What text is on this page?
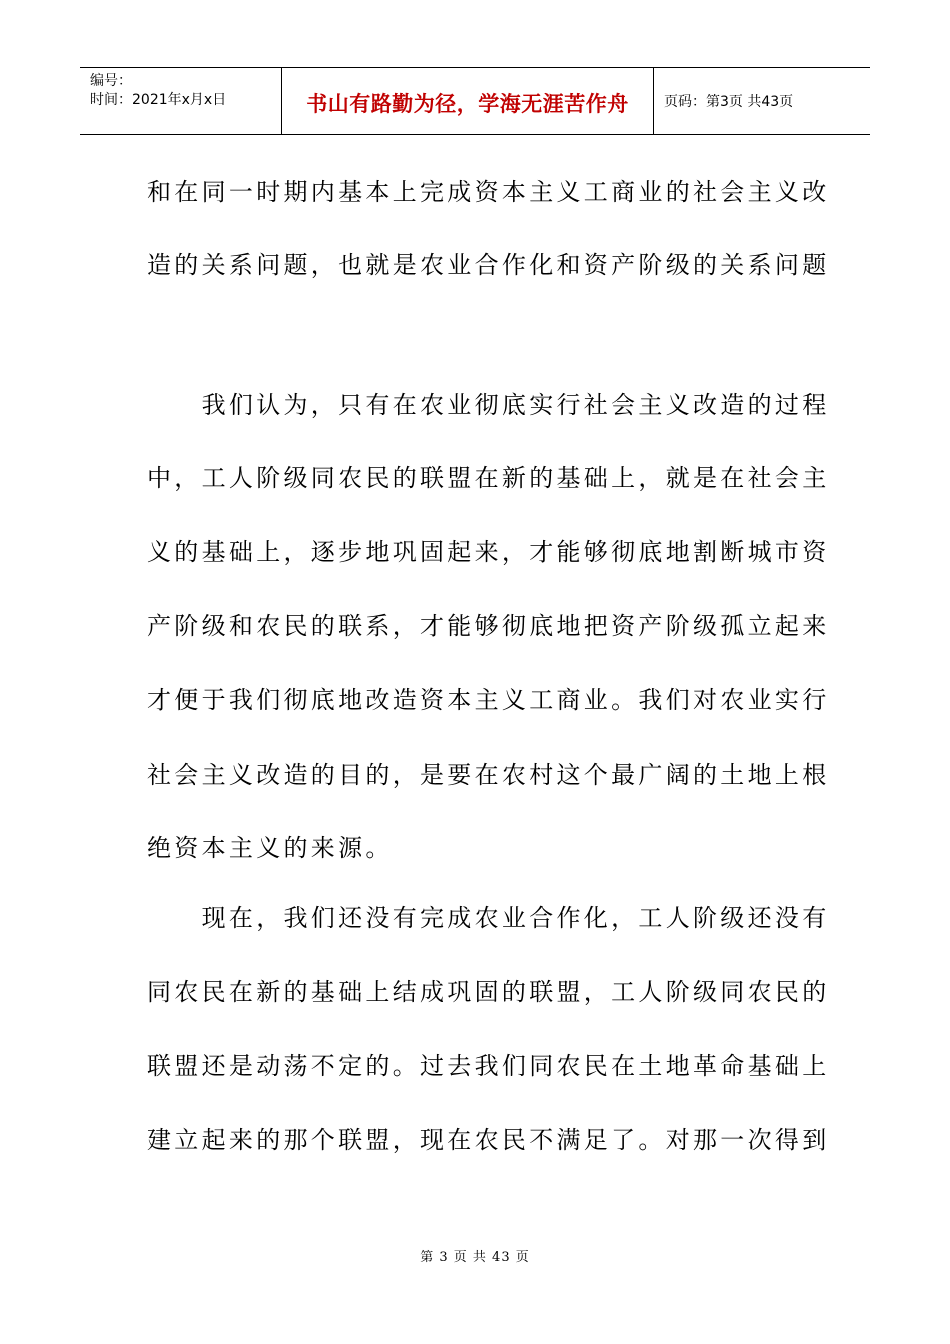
编号：
时间：2021年x月x日	书山有路勤为径，学海无涯苦作舟	页码：第3页 共43页
和在同一时期内基本上完成资本主义工商业的社会主义改
造的关系问题，也就是农业合作化和资产阶级的关系问题
　　我们认为，只有在农业彻底实行社会主义改造的过程
中，工人阶级同农民的联盟在新的基础上，就是在社会主
义的基础上，逐步地巩固起来，才能够彻底地割断城市资
产阶级和农民的联系，才能够彻底地把资产阶级孤立起来
才便于我们彻底地改造资本主义工商业。我们对农业实行
社会主义改造的目的，是要在农村这个最广阔的土地上根
绝资本主义的来源。
　　现在，我们还没有完成农业合作化，工人阶级还没有
同农民在新的基础上结成巩固的联盟，工人阶级同农民的
联盟还是动荡不定的。过去我们同农民在土地革命基础上
建立起来的那个联盟，现在农民不满足了。对那一次得到
第 3 页 共 43 页
